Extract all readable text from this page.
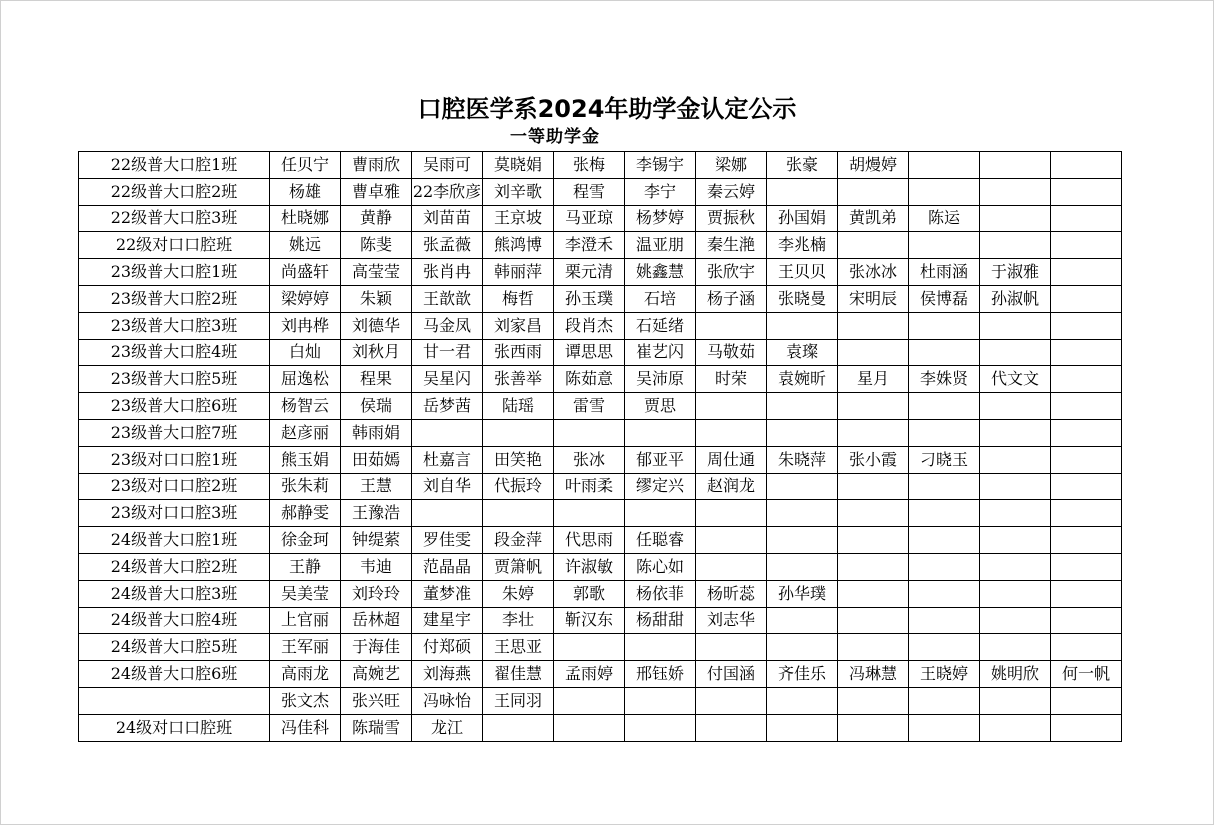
口腔医学系2024年助学金认定公示
一等助学金
22级普大口腔1班	任贝宁	曹雨欣	吴雨可	莫晓娟	张梅	李锡宇	梁娜	张豪	胡熳婷			
22级普大口腔2班	杨雄	曹卓雅	22李欣彦	刘辛歌	程雪	李宁	秦云婷					
22级普大口腔3班	杜晓娜	黄静	刘苗苗	王京坡	马亚琼	杨梦婷	贾振秋	孙国娟	黄凯弟	陈运		
22级对口口腔班	姚远	陈斐	张孟薇	熊鸿博	李澄禾	温亚朋	秦生滟	李兆楠				
23级普大口腔1班	尚盛轩	高莹莹	张肖冉	韩丽萍	栗元清	姚鑫慧	张欣宇	王贝贝	张冰冰	杜雨涵	于淑雅	
23级普大口腔2班	梁婷婷	朱颖	王歆歆	梅哲	孙玉璞	石培	杨子涵	张晓曼	宋明辰	侯博磊	孙淑帆	
23级普大口腔3班	刘冉桦	刘德华	马金凤	刘家昌	段肖杰	石延绪						
23级普大口腔4班	白灿	刘秋月	甘一君	张西雨	谭思思	崔艺闪	马敬茹	袁璨				
23级普大口腔5班	屈逸松	程果	吴星闪	张善举	陈茹意	吴沛原	时荣	袁婉昕	星月	李姝贤	代文文	
23级普大口腔6班	杨智云	侯瑞	岳梦茜	陆瑶	雷雪	贾思						
23级普大口腔7班	赵彦丽	韩雨娟										
23级对口口腔1班	熊玉娟	田茹嫣	杜嘉言	田笑艳	张冰	郁亚平	周仕通	朱晓萍	张小霞	刁晓玉		
23级对口口腔2班	张朱莉	王慧	刘自华	代振玲	叶雨柔	缪定兴	赵润龙					
23级对口口腔3班	郝静雯	王豫浩										
24级普大口腔1班	徐金珂	钟缇萦	罗佳雯	段金萍	代思雨	任聪睿						
24级普大口腔2班	王静	韦迪	范晶晶	贾箫帆	许淑敏	陈心如						
24级普大口腔3班	吴美莹	刘玲玲	董梦准	朱婷	郭歌	杨依菲	杨昕蕊	孙华璞				
24级普大口腔4班	上官丽	岳林超	建星宇	李壮	靳汉东	杨甜甜	刘志华					
24级普大口腔5班	王军丽	于海佳	付郑硕	王思亚								
24级普大口腔6班	高雨龙	高婉艺	刘海燕	翟佳慧	孟雨婷	邢钰娇	付国涵	齐佳乐	冯琳慧	王晓婷	姚明欣	何一帆
	张文杰	张兴旺	冯咏怡	王同羽								
24级对口口腔班	冯佳科	陈瑞雪	龙江									
